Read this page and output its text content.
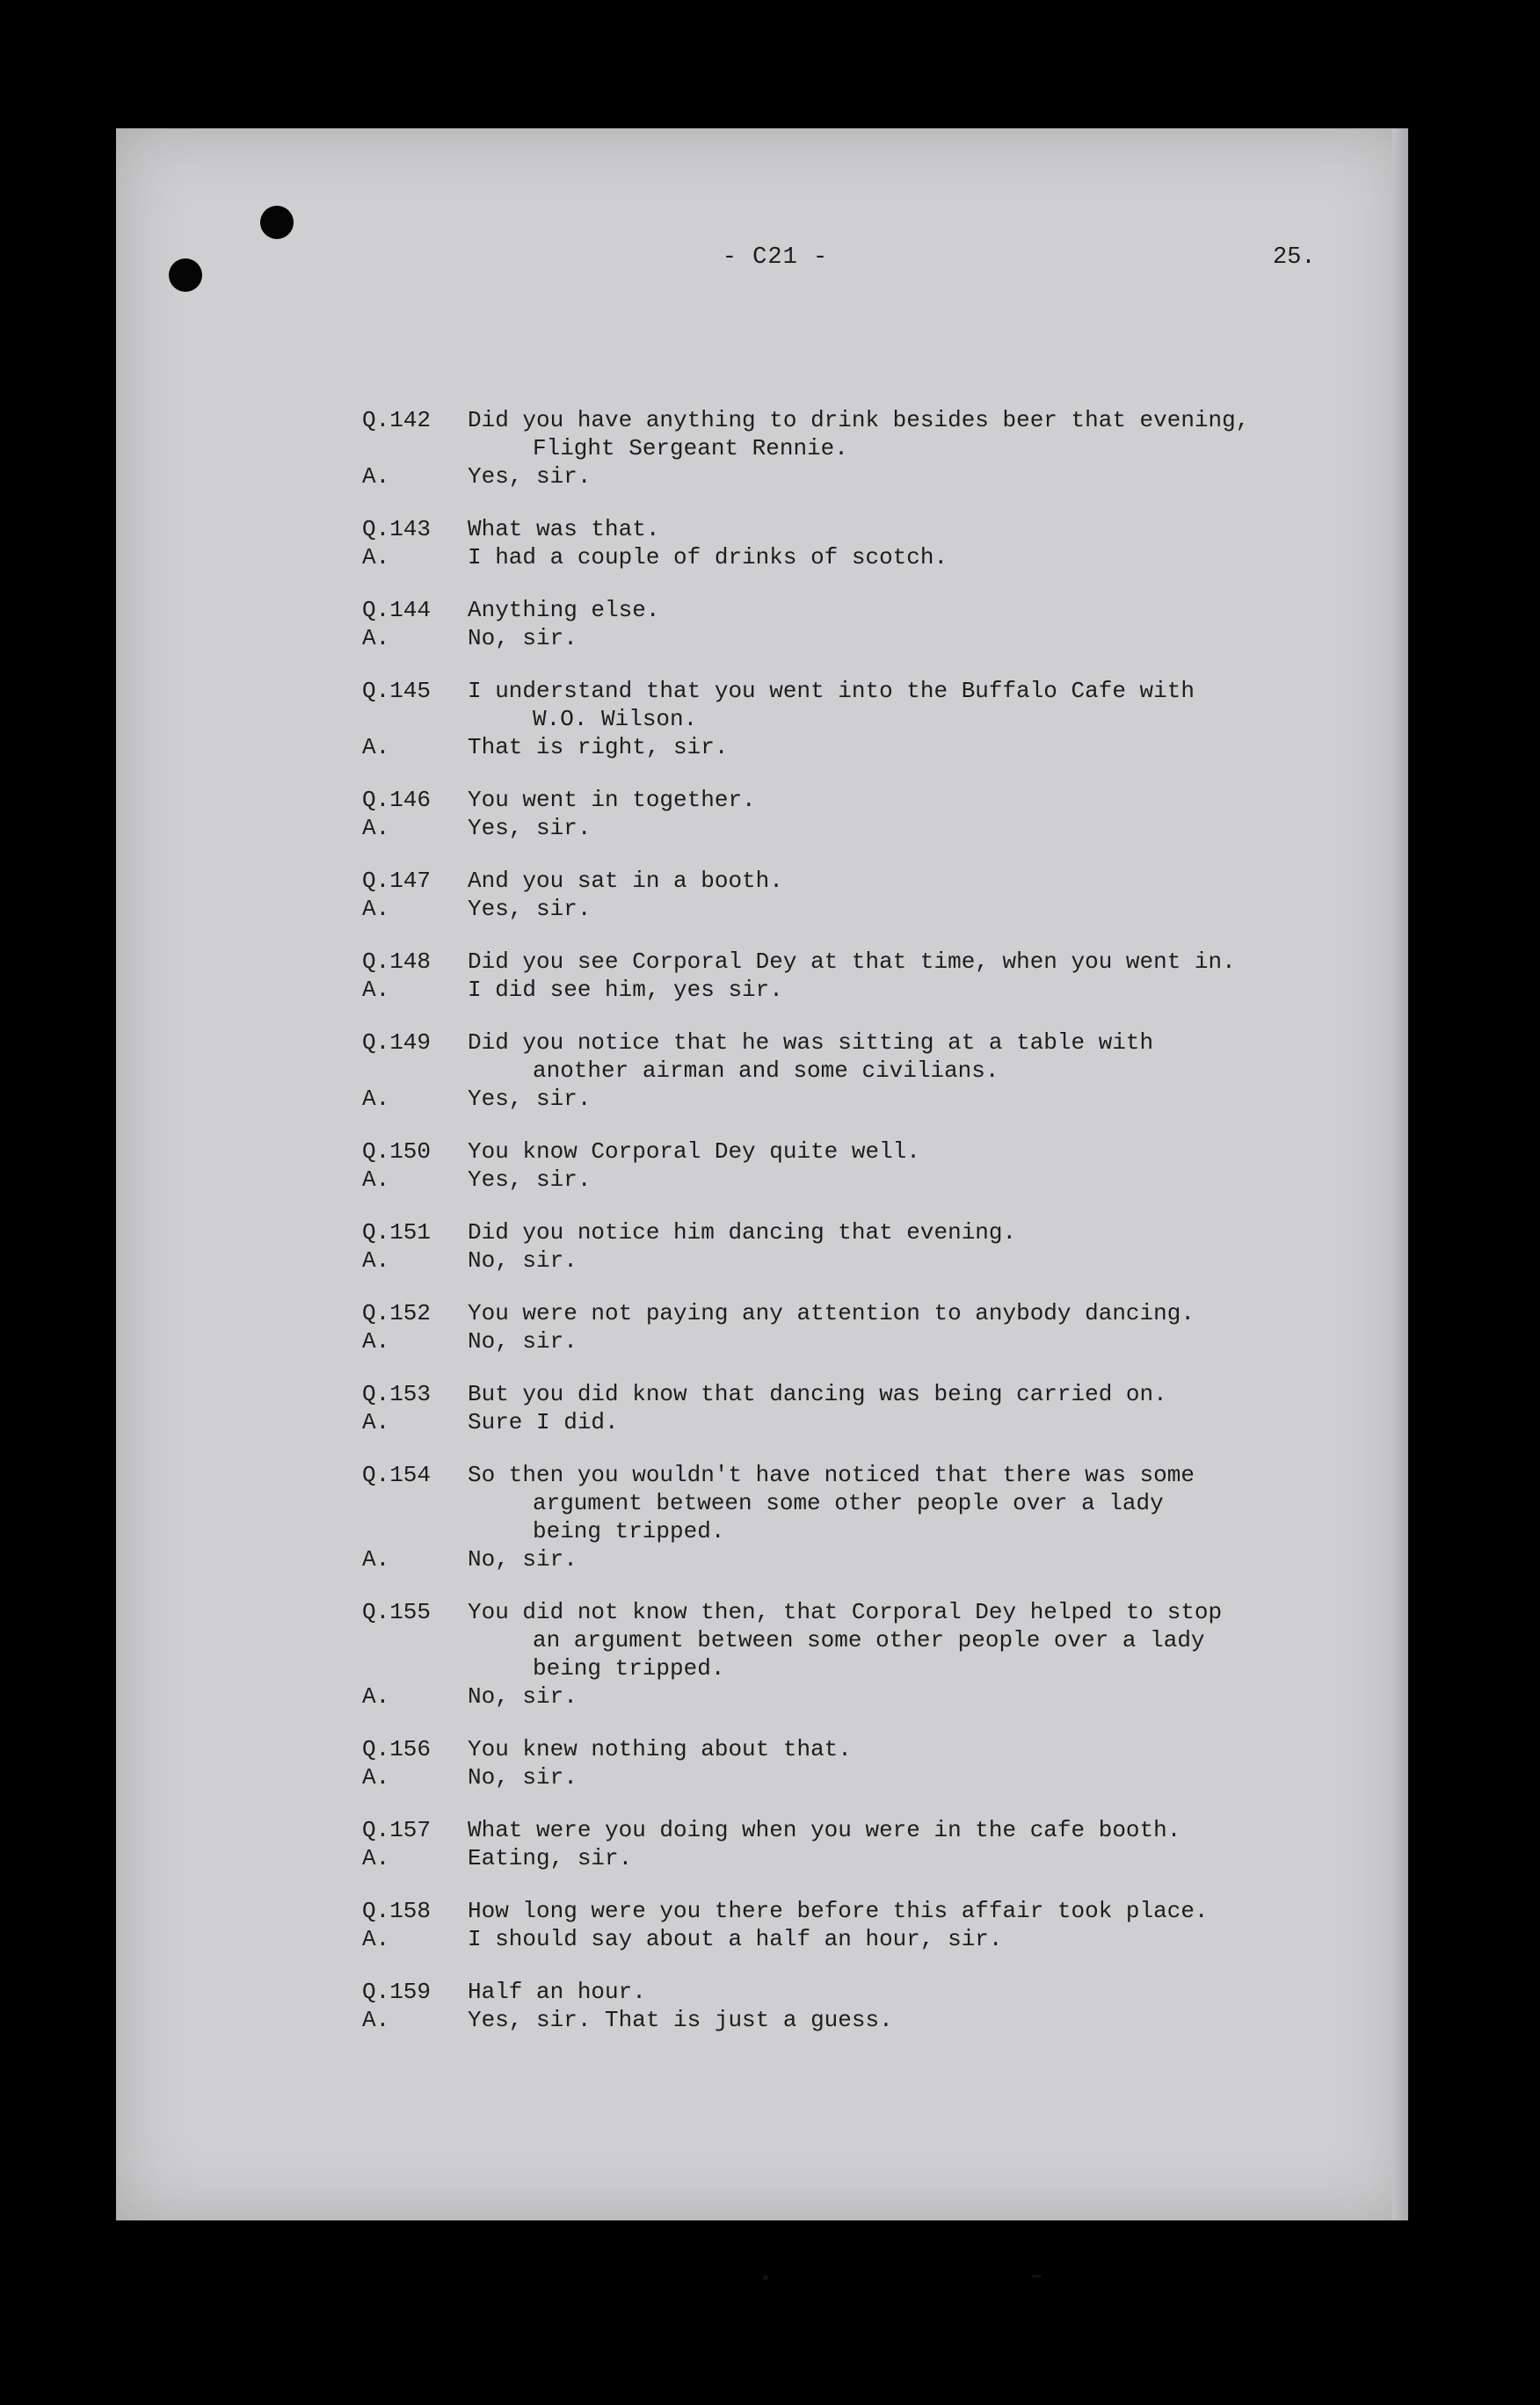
- C21 -	25.
Q.142	Did you have anything to drink besides beer that evening,
Flight Sergeant Rennie.
A.	Yes, sir.
Q.143	What was that.
A.	I had a couple of drinks of scotch.
Q.144	Anything else.
A.	No, sir.
Q.145	I understand that you went into the Buffalo Cafe with
W.O. Wilson.
A.	That is right, sir.
Q.146	You went in together.
A.	Yes, sir.
Q.147	And you sat in a booth.
A.	Yes, sir.
Q.148	Did you see Corporal Dey at that time, when you went in.
A.	I did see him, yes sir.
Q.149	Did you notice that he was sitting at a table with
another airman and some civilians.
A.	Yes, sir.
Q.150	You know Corporal Dey quite well.
A.	Yes, sir.
Q.151	Did you notice him dancing that evening.
A.	No, sir.
Q.152	You were not paying any attention to anybody dancing.
A.	No, sir.
Q.153	But you did know that dancing was being carried on.
A.	Sure I did.
Q.154	So then you wouldn't have noticed that there was some
argument between some other people over a lady
being tripped.
A.	No, sir.
Q.155	You did not know then, that Corporal Dey helped to stop
an argument between some other people over a lady
being tripped.
A.	No, sir.
Q.156	You knew nothing about that.
A.	No, sir.
Q.157	What were you doing when you were in the cafe booth.
A.	Eating, sir.
Q.158	How long were you there before this affair took place.
A.	I should say about a half an hour, sir.
Q.159	Half an hour.
A.	Yes, sir. That is just a guess.
